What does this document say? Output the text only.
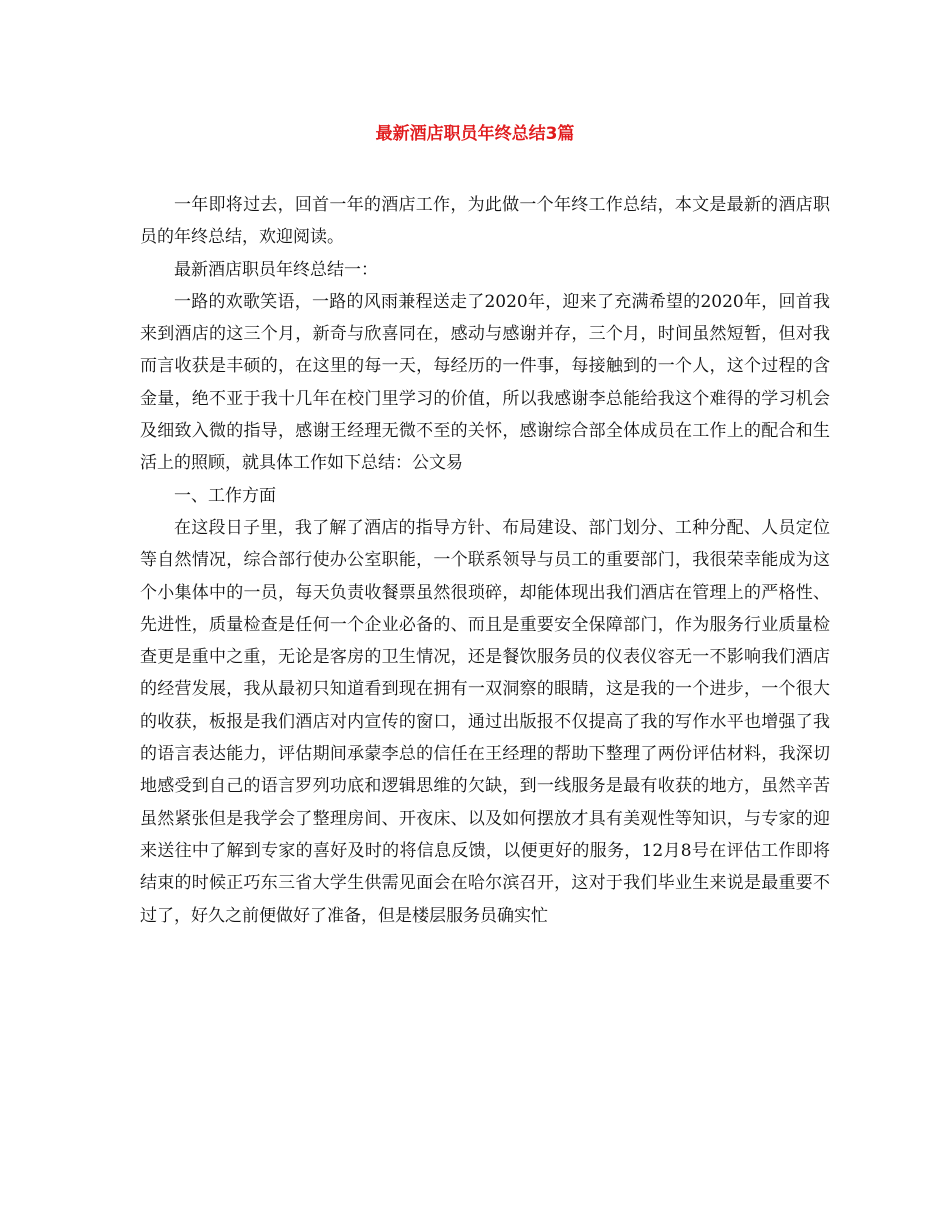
最新酒店职员年终总结3篇

一年即将过去，回首一年的酒店工作，为此做一个年终工作总结，本文是最新的酒店职员的年终总结，欢迎阅读。

最新酒店职员年终总结一：

一路的欢歌笑语，一路的风雨兼程送走了2020年，迎来了充满希望的2020年，回首我来到酒店的这三个月，新奇与欣喜同在，感动与感谢并存，三个月，时间虽然短暂，但对我而言收获是丰硕的，在这里的每一天，每经历的一件事，每接触到的一个人，这个过程的含金量，绝不亚于我十几年在校门里学习的价值，所以我感谢李总能给我这个难得的学习机会及细致入微的指导，感谢王经理无微不至的关怀，感谢综合部全体成员在工作上的配合和生活上的照顾，就具体工作如下总结：公文易

一、工作方面

在这段日子里，我了解了酒店的指导方针、布局建设、部门划分、工种分配、人员定位等自然情况，综合部行使办公室职能，一个联系领导与员工的重要部门，我很荣幸能成为这个小集体中的一员，每天负责收餐票虽然很琐碎，却能体现出我们酒店在管理上的严格性、先进性，质量检查是任何一个企业必备的、而且是重要安全保障部门，作为服务行业质量检查更是重中之重，无论是客房的卫生情况，还是餐饮服务员的仪表仪容无一不影响我们酒店的经营发展，我从最初只知道看到现在拥有一双洞察的眼睛，这是我的一个进步，一个很大的收获，板报是我们酒店对内宣传的窗口，通过出版报不仅提高了我的写作水平也增强了我的语言表达能力，评估期间承蒙李总的信任在王经理的帮助下整理了两份评估材料，我深切地感受到自己的语言罗列功底和逻辑思维的欠缺，到一线服务是最有收获的地方，虽然辛苦虽然紧张但是我学会了整理房间、开夜床、以及如何摆放才具有美观性等知识，与专家的迎来送往中了解到专家的喜好及时的将信息反馈，以便更好的服务，12月8号在评估工作即将结束的时候正巧东三省大学生供需见面会在哈尔滨召开，这对于我们毕业生来说是最重要不过了，好久之前便做好了准备，但是楼层服务员确实忙
